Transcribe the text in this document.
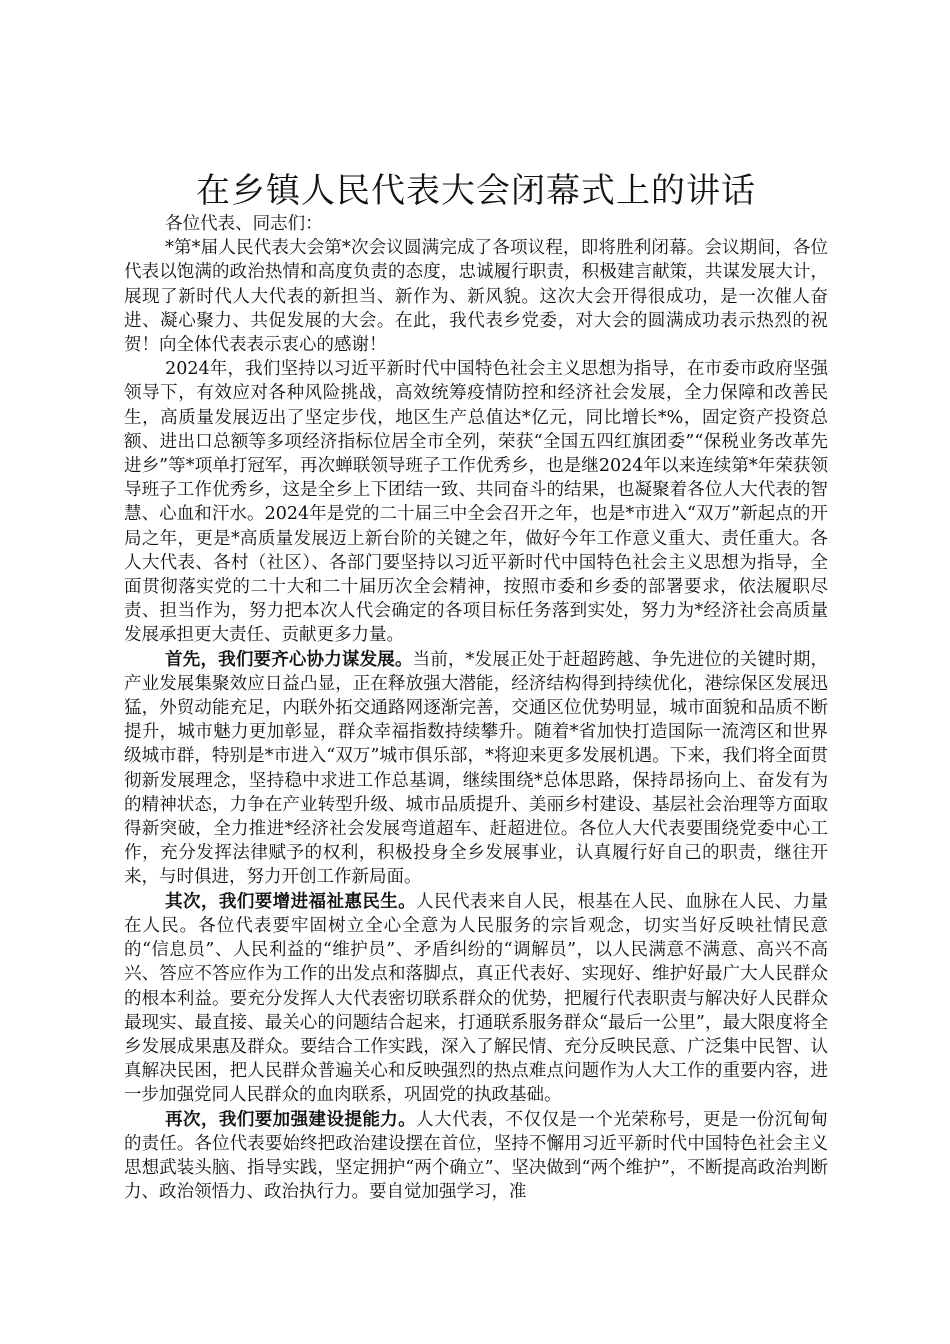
在乡镇人民代表大会闭幕式上的讲话

各位代表、同志们：

*第*届人民代表大会第*次会议圆满完成了各项议程，即将胜利闭幕。会议期间，各位代表以饱满的政治热情和高度负责的态度，忠诚履行职责，积极建言献策，共谋发展大计，展现了新时代人大代表的新担当、新作为、新风貌。这次大会开得很成功，是一次催人奋进、凝心聚力、共促发展的大会。在此，我代表乡党委，对大会的圆满成功表示热烈的祝贺！向全体代表表示衷心的感谢！

2024年，我们坚持以习近平新时代中国特色社会主义思想为指导，在市委市政府坚强领导下，有效应对各种风险挑战，高效统筹疫情防控和经济社会发展，全力保障和改善民生，高质量发展迈出了坚定步伐，地区生产总值达*亿元，同比增长*%，固定资产投资总额、进出口总额等多项经济指标位居全市全列，荣获“全国五四红旗团委”“保税业务改革先进乡”等*项单打冠军，再次蝉联领导班子工作优秀乡，也是继2024年以来连续第*年荣获领导班子工作优秀乡，这是全乡上下团结一致、共同奋斗的结果，也凝聚着各位人大代表的智慧、心血和汗水。2024年是党的二十届三中全会召开之年，也是*市进入“双万”新起点的开局之年，更是*高质量发展迈上新台阶的关键之年，做好今年工作意义重大、责任重大。各人大代表、各村（社区）、各部门要坚持以习近平新时代中国特色社会主义思想为指导，全面贯彻落实党的二十大和二十届历次全会精神，按照市委和乡委的部署要求，依法履职尽责、担当作为，努力把本次人代会确定的各项目标任务落到实处，努力为*经济社会高质量发展承担更大责任、贡献更多力量。

首先，我们要齐心协力谋发展。当前，*发展正处于赶超跨越、争先进位的关键时期，产业发展集聚效应日益凸显，正在释放强大潜能，经济结构得到持续优化，港综保区发展迅猛，外贸动能充足，内联外拓交通路网逐渐完善，交通区位优势明显，城市面貌和品质不断提升，城市魅力更加彰显，群众幸福指数持续攀升。随着*省加快打造国际一流湾区和世界级城市群，特别是*市进入“双万”城市俱乐部，*将迎来更多发展机遇。下来，我们将全面贯彻新发展理念，坚持稳中求进工作总基调，继续围绕*总体思路，保持昂扬向上、奋发有为的精神状态，力争在产业转型升级、城市品质提升、美丽乡村建设、基层社会治理等方面取得新突破，全力推进*经济社会发展弯道超车、赶超进位。各位人大代表要围绕党委中心工作，充分发挥法律赋予的权利，积极投身全乡发展事业，认真履行好自己的职责，继往开来，与时俱进，努力开创工作新局面。

其次，我们要增进福祉惠民生。人民代表来自人民，根基在人民、血脉在人民、力量在人民。各位代表要牢固树立全心全意为人民服务的宗旨观念，切实当好反映社情民意的“信息员”、人民利益的“维护员”、矛盾纠纷的“调解员”，以人民满意不满意、高兴不高兴、答应不答应作为工作的出发点和落脚点，真正代表好、实现好、维护好最广大人民群众的根本利益。要充分发挥人大代表密切联系群众的优势，把履行代表职责与解决好人民群众最现实、最直接、最关心的问题结合起来，打通联系服务群众“最后一公里”，最大限度将全乡发展成果惠及群众。要结合工作实践，深入了解民情、充分反映民意、广泛集中民智、认真解决民困，把人民群众普遍关心和反映强烈的热点难点问题作为人大工作的重要内容，进一步加强党同人民群众的血肉联系，巩固党的执政基础。

再次，我们要加强建设提能力。人大代表，不仅仅是一个光荣称号，更是一份沉甸甸的责任。各位代表要始终把政治建设摆在首位，坚持不懈用习近平新时代中国特色社会主义思想武装头脑、指导实践，坚定拥护“两个确立”、坚决做到“两个维护”，不断提高政治判断力、政治领悟力、政治执行力。要自觉加强学习，准
